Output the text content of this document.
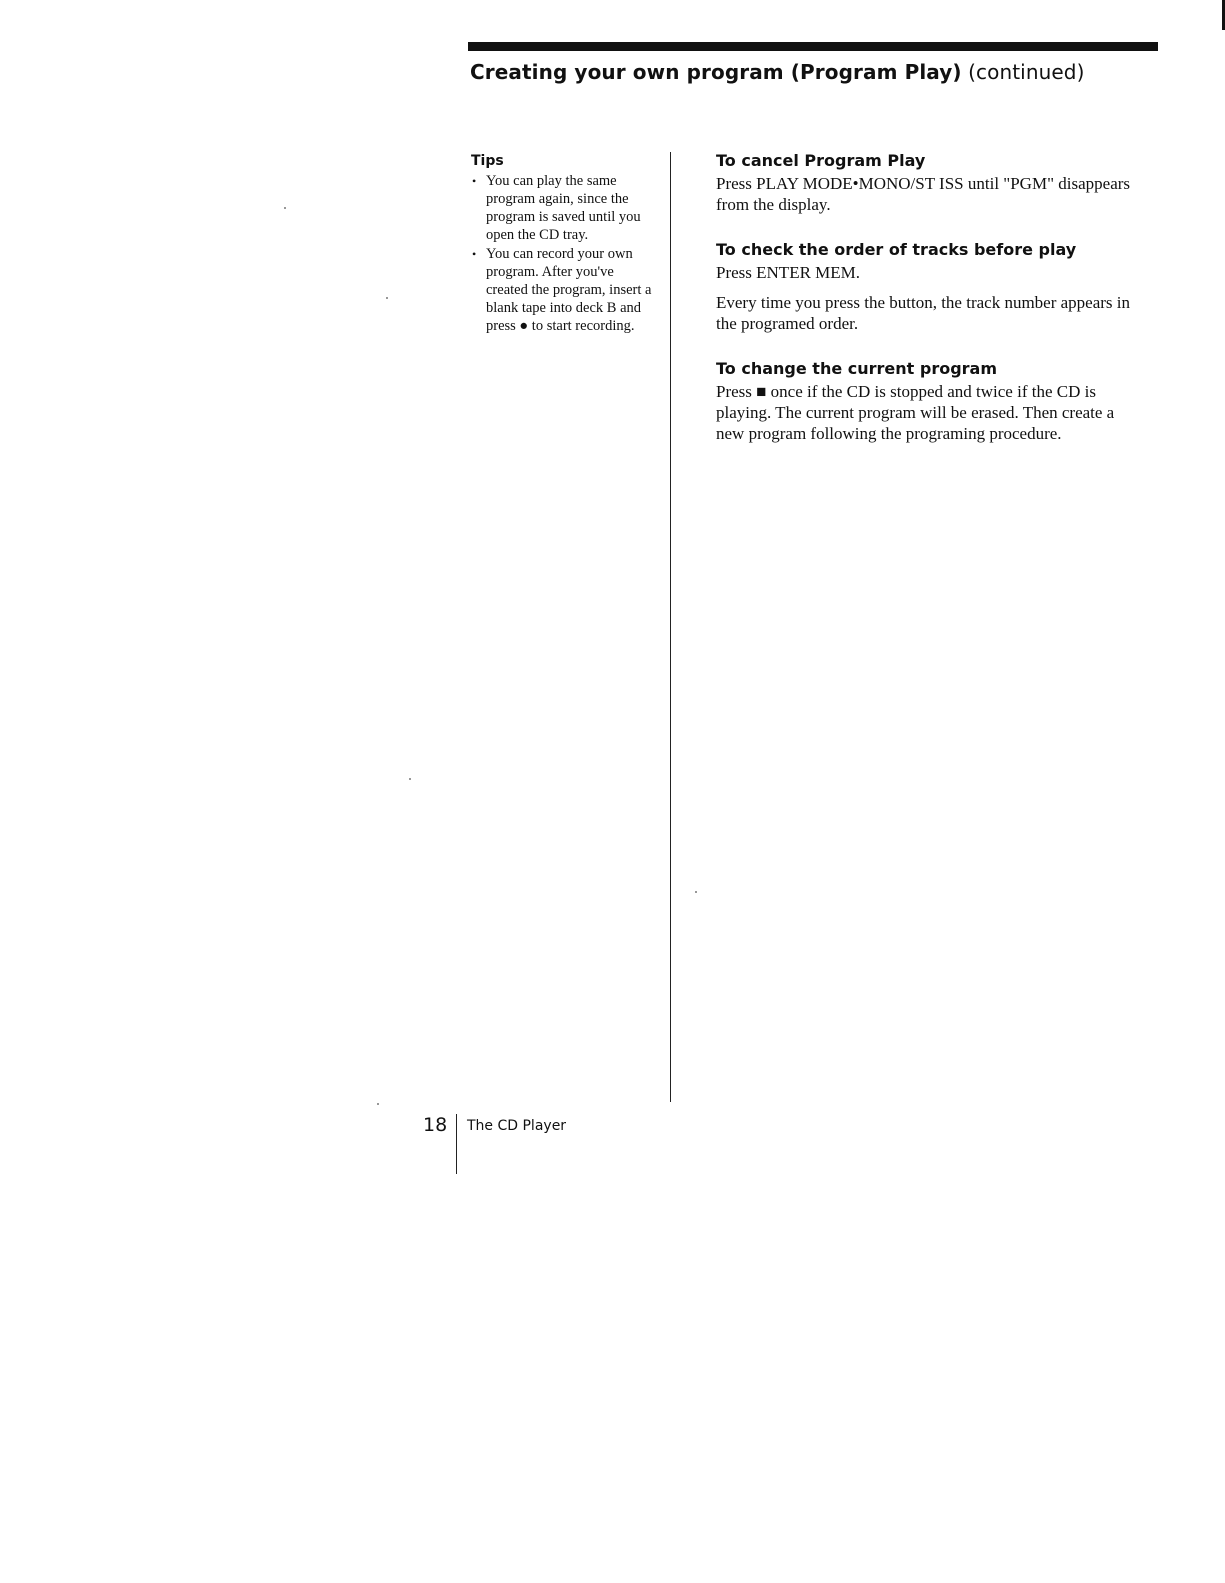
Creating your own program (Program Play) (continued)
Tips
• You can play the same program again, since the program is saved until you open the CD tray.
• You can record your own program. After you've created the program, insert a blank tape into deck B and press ● to start recording.
To cancel Program Play

Press PLAY MODE•MONO/ST ISS until "PGM" disappears from the display.

To check the order of tracks before play

Press ENTER MEM.

Every time you press the button, the track number appears in the programed order.

To change the current program

Press ■ once if the CD is stopped and twice if the CD is playing. The current program will be erased. Then create a new program following the programing procedure.

18 The CD Player
